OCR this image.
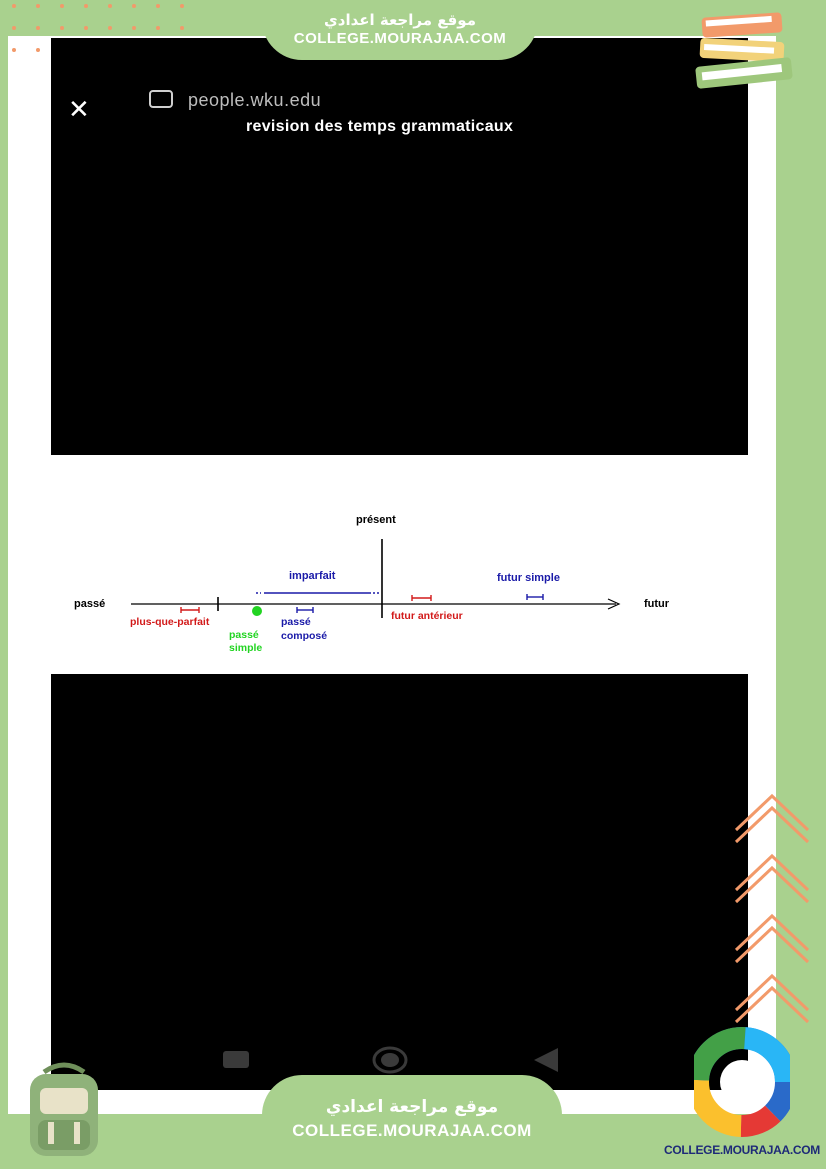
✕	people.wku.edu
revision des temps grammaticaux
présent
passé	futur
plus-que-parfait
passé
simple
passé
composé
imparfait
futur antérieur
futur simple
موقع مراجعة اعدادي
COLLEGE.MOURAJAA.COM
موقع مراجعة اعدادي
COLLEGE.MOURAJAA.COM
COLLEGE.MOURAJAA.COM
